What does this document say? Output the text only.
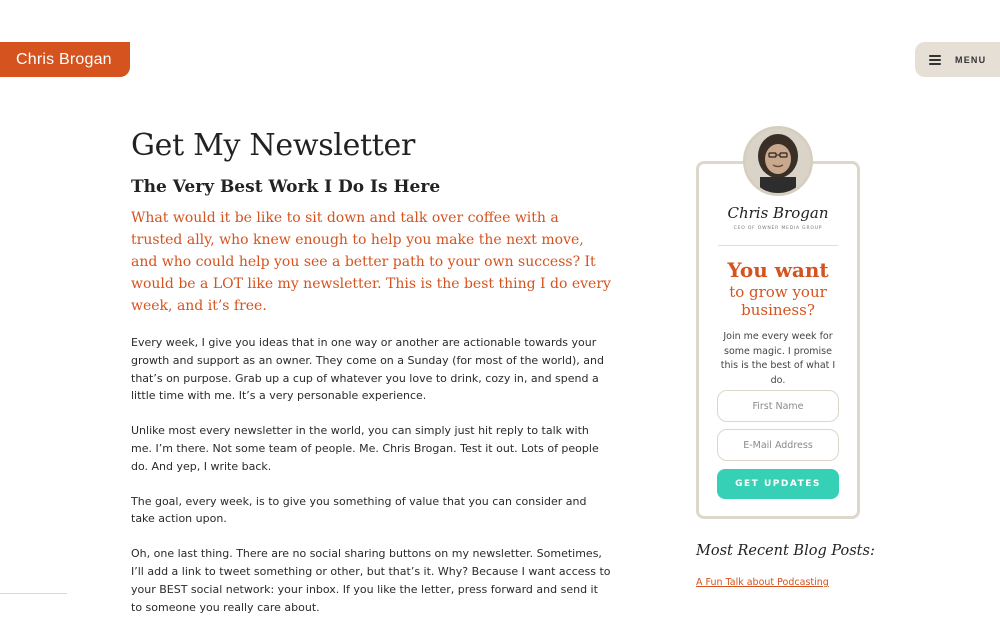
Chris Brogan	MENU
Get My Newsletter
The Very Best Work I Do Is Here

What would it be like to sit down and talk over coffee with a trusted ally, who knew enough to help you make the next move, and who could help you see a better path to your own success? It would be a LOT like my newsletter. This is the best thing I do every week, and it’s free.

Every week, I give you ideas that in one way or another are actionable towards your growth and support as an owner. They come on a Sunday (for most of the world), and that’s on purpose. Grab up a cup of whatever you love to drink, cozy in, and spend a little time with me. It’s a very personable experience.

Unlike most every newsletter in the world, you can simply just hit reply to talk with me. I’m there. Not some team of people. Me. Chris Brogan. Test it out. Lots of people do. And yep, I write back.

The goal, every week, is to give you something of value that you can consider and take action upon.

Oh, one last thing. There are no social sharing buttons on my newsletter. Sometimes, I’ll add a link to tweet something or other, but that’s it. Why? Because I want access to your BEST social network: your inbox. If you like the letter, press forward and send it to someone you really care about.

Chris Brogan
CEO OF OWNER MEDIA GROUP
You want
to grow your business?
Join me every week for some magic. I promise this is the best of what I do.
First Name
E-Mail Address
GET UPDATES
Most Recent Blog Posts:
A Fun Talk about Podcasting
